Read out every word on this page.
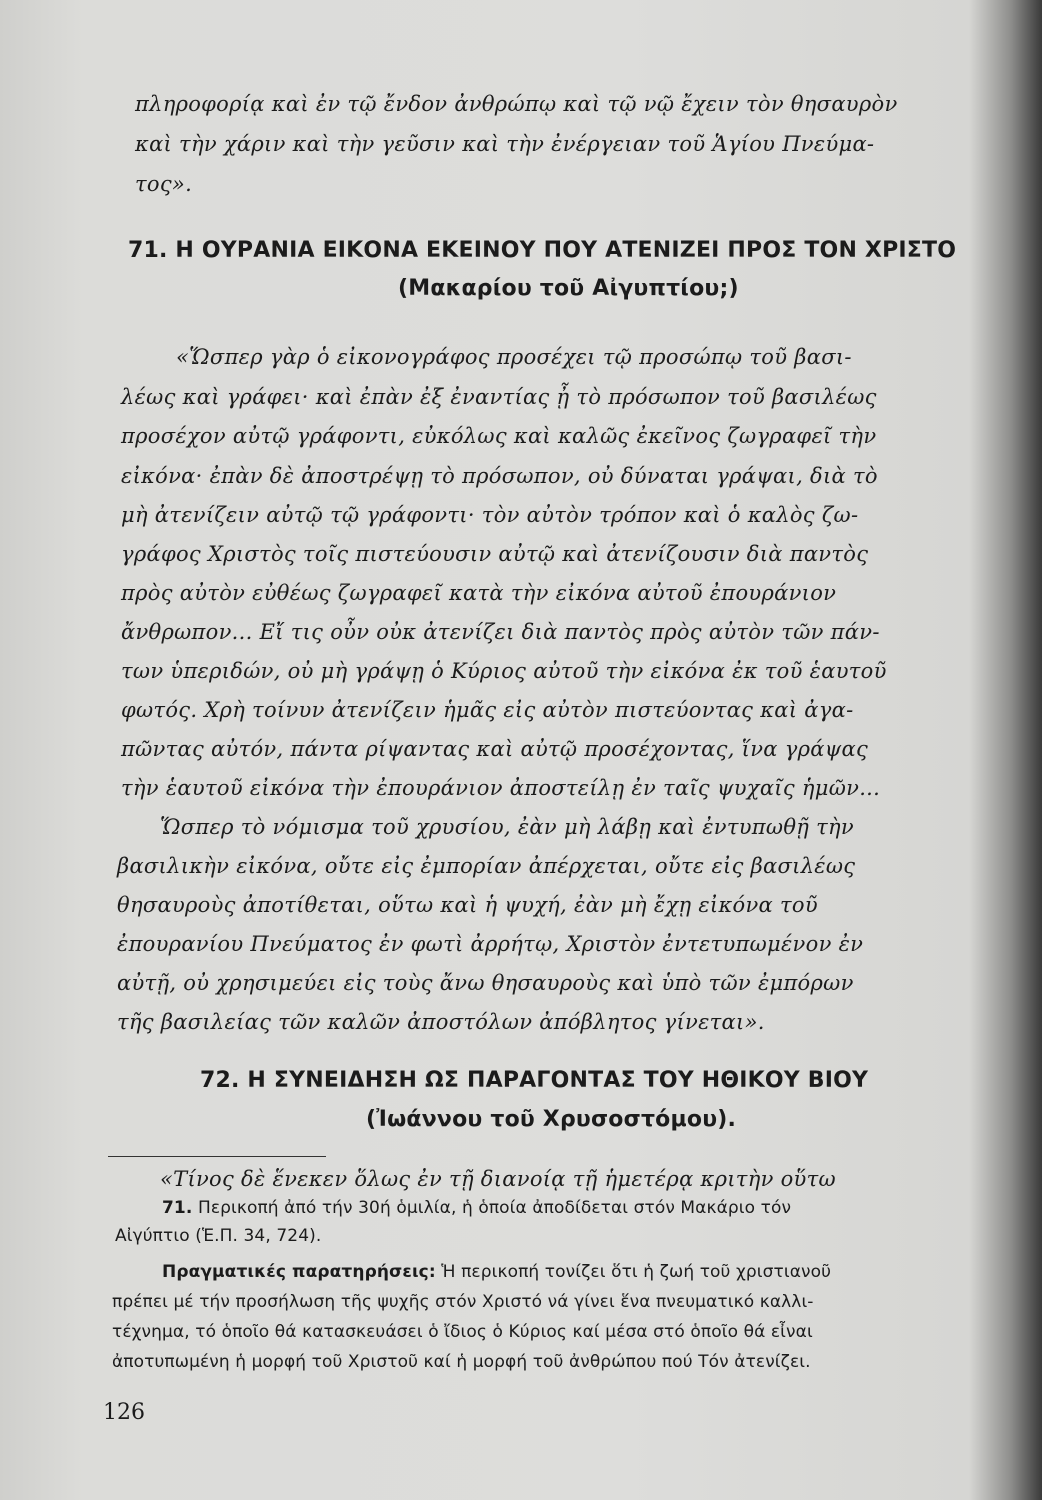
πληροφορίᾳ καὶ ἐν τῷ ἔνδον ἀνθρώπῳ καὶ τῷ νῷ ἔχειν τὸν θησαυρὸν
καὶ τὴν χάριν καὶ τὴν γεῦσιν καὶ τὴν ἐνέργειαν τοῦ Ἁγίου Πνεύμα-
τος».
71. Η ΟΥΡΑΝΙΑ ΕΙΚΟΝΑ ΕΚΕΙΝΟΥ ΠΟΥ ΑΤΕΝΙΖΕΙ ΠΡΟΣ ΤΟΝ ΧΡΙΣΤΟ
(Μακαρίου τοῦ Αἰγυπτίου;)
«Ὥσπερ γὰρ ὁ εἰκονογράφος προσέχει τῷ προσώπῳ τοῦ βασι-
λέως καὶ γράφει· καὶ ἐπὰν ἐξ ἐναντίας ᾖ τὸ πρόσωπον τοῦ βασιλέως
προσέχον αὐτῷ γράφοντι, εὐκόλως καὶ καλῶς ἐκεῖνος ζωγραφεῖ τὴν
εἰκόνα· ἐπὰν δὲ ἀποστρέψῃ τὸ πρόσωπον, οὐ δύναται γράψαι, διὰ τὸ
μὴ ἀτενίζειν αὐτῷ τῷ γράφοντι· τὸν αὐτὸν τρόπον καὶ ὁ καλὸς ζω-
γράφος Χριστὸς τοῖς πιστεύουσιν αὐτῷ καὶ ἀτενίζουσιν διὰ παντὸς
πρὸς αὐτὸν εὐθέως ζωγραφεῖ κατὰ τὴν εἰκόνα αὐτοῦ ἐπουράνιον
ἄνθρωπον... Εἴ τις οὖν οὐκ ἀτενίζει διὰ παντὸς πρὸς αὐτὸν τῶν πάν-
των ὑπεριδών, οὐ μὴ γράψῃ ὁ Κύριος αὐτοῦ τὴν εἰκόνα ἐκ τοῦ ἑαυτοῦ
φωτός. Χρὴ τοίνυν ἀτενίζειν ἡμᾶς εἰς αὐτὸν πιστεύοντας καὶ ἀγα-
πῶντας αὐτόν, πάντα ρίψαντας καὶ αὐτῷ προσέχοντας, ἵνα γράψας
τὴν ἑαυτοῦ εἰκόνα τὴν ἐπουράνιον ἀποστείλῃ ἐν ταῖς ψυχαῖς ἡμῶν...
Ὥσπερ τὸ νόμισμα τοῦ χρυσίου, ἐὰν μὴ λάβῃ καὶ ἐντυπωθῇ τὴν
βασιλικὴν εἰκόνα, οὔτε εἰς ἐμπορίαν ἀπέρχεται, οὔτε εἰς βασιλέως
θησαυροὺς ἀποτίθεται, οὕτω καὶ ἡ ψυχή, ἐὰν μὴ ἔχῃ εἰκόνα τοῦ
ἐπουρανίου Πνεύματος ἐν φωτὶ ἀρρήτῳ, Χριστὸν ἐντετυπωμένον ἐν
αὐτῇ, οὐ χρησιμεύει εἰς τοὺς ἄνω θησαυροὺς καὶ ὑπὸ τῶν ἐμπόρων
τῆς βασιλείας τῶν καλῶν ἀποστόλων ἀπόβλητος γίνεται».
72. Η ΣΥΝΕΙΔΗΣΗ ΩΣ ΠΑΡΑΓΟΝΤΑΣ ΤΟΥ ΗΘΙΚΟΥ ΒΙΟΥ
(Ἰωάννου τοῦ Χρυσοστόμου).
«Τίνος δὲ ἕνεκεν ὅλως ἐν τῇ διανοίᾳ τῇ ἡμετέρᾳ κριτὴν οὕτω
71. Περικοπή ἀπό τήν 30ή ὁμιλία, ἡ ὁποία ἀποδίδεται στόν Μακάριο τόν
Αἰγύπτιο (Ἑ.Π. 34, 724).
Πραγματικές παρατηρήσεις: Ἡ περικοπή τονίζει ὅτι ἡ ζωή τοῦ χριστιανοῦ
πρέπει μέ τήν προσήλωση τῆς ψυχῆς στόν Χριστό νά γίνει ἕνα πνευματικό καλλι-
τέχνημα, τό ὁποῖο θά κατασκευάσει ὁ ἴδιος ὁ Κύριος καί μέσα στό ὁποῖο θά εἶναι
ἀποτυπωμένη ἡ μορφή τοῦ Χριστοῦ καί ἡ μορφή τοῦ ἀνθρώπου πού Τόν ἀτενίζει.
126
